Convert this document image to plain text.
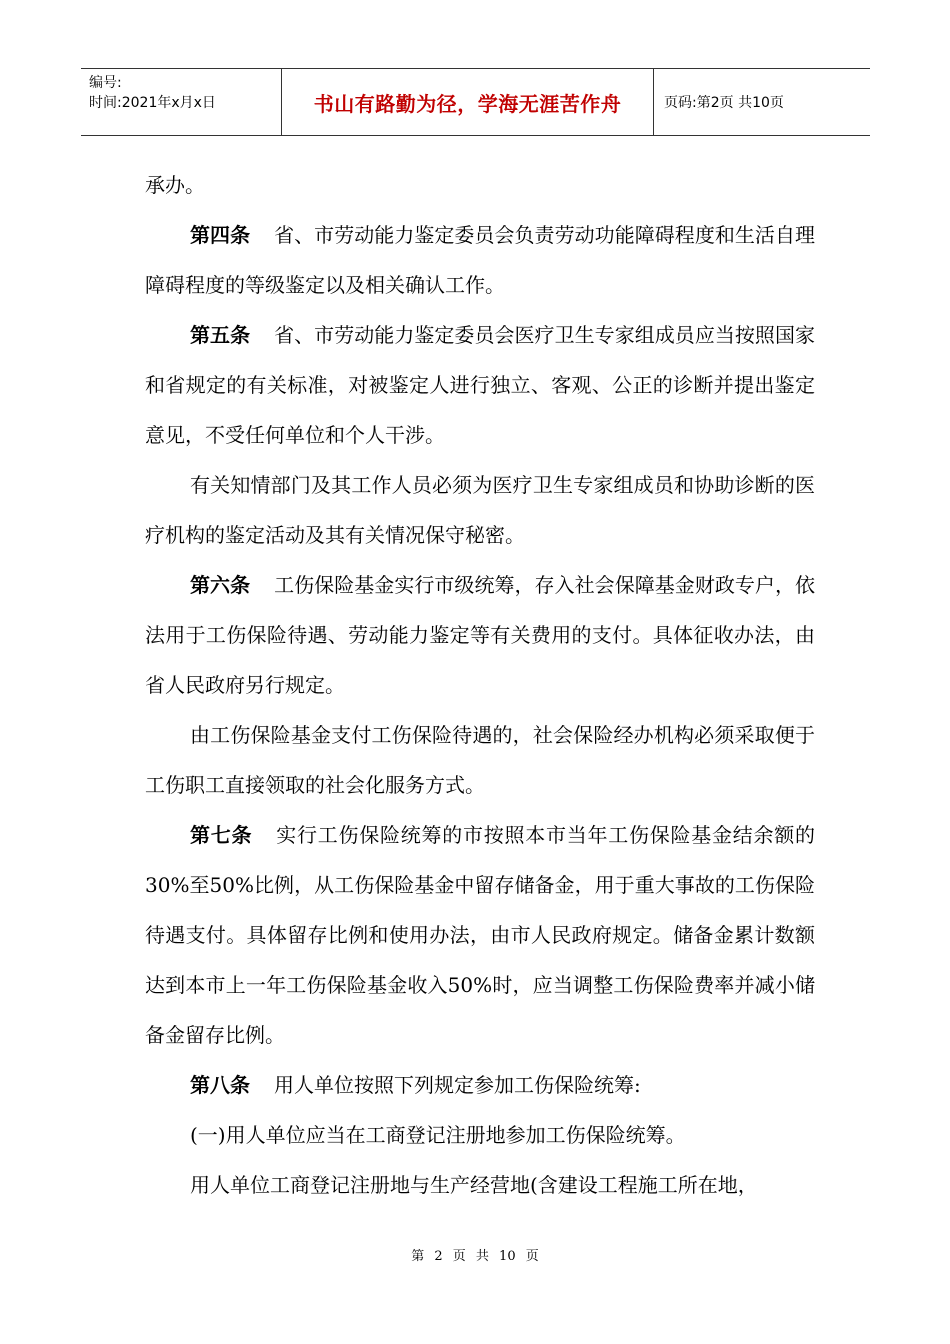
编号:
时间:2021年x月x日	书山有路勤为径，学海无涯苦作舟	页码:第2页 共10页

承办。

第四条 省、市劳动能力鉴定委员会负责劳动功能障碍程度和生活自理障碍程度的等级鉴定以及相关确认工作。

第五条 省、市劳动能力鉴定委员会医疗卫生专家组成员应当按照国家和省规定的有关标准，对被鉴定人进行独立、客观、公正的诊断并提出鉴定意见，不受任何单位和个人干涉。

有关知情部门及其工作人员必须为医疗卫生专家组成员和协助诊断的医疗机构的鉴定活动及其有关情况保守秘密。

第六条 工伤保险基金实行市级统筹，存入社会保障基金财政专户，依法用于工伤保险待遇、劳动能力鉴定等有关费用的支付。具体征收办法，由省人民政府另行规定。

由工伤保险基金支付工伤保险待遇的，社会保险经办机构必须采取便于工伤职工直接领取的社会化服务方式。

第七条 实行工伤保险统筹的市按照本市当年工伤保险基金结余额的30%至50%比例，从工伤保险基金中留存储备金，用于重大事故的工伤保险待遇支付。具体留存比例和使用办法，由市人民政府规定。储备金累计数额达到本市上一年工伤保险基金收入50%时，应当调整工伤保险费率并减小储备金留存比例。

第八条 用人单位按照下列规定参加工伤保险统筹:

(一)用人单位应当在工商登记注册地参加工伤保险统筹。

用人单位工商登记注册地与生产经营地(含建设工程施工所在地，

第 2 页 共 10 页
